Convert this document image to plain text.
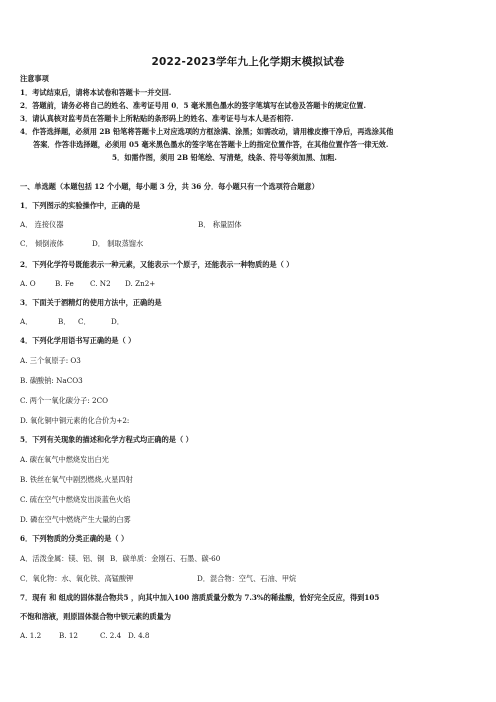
2022-2023学年九上化学期末模拟试卷
注意事项
1．考试结束后，请将本试卷和答题卡一并交回.
2．答题前，请务必将自己的姓名、准考证号用 0．5 毫米黑色墨水的签字笔填写在试卷及答题卡的规定位置.
3．请认真核对监考员在答题卡上所粘贴的条形码上的姓名、准考证号与本人是否相符.
4．作答选择题，必须用 2B 铅笔将答题卡上对应选项的方框涂满、涂黑；如需改动，请用橡皮擦干净后，再选涂其他
答案．作答非选择题，必须用 05 毫米黑色墨水的签字笔在答题卡上的指定位置作答，在其他位置作答一律无效.
5．如需作图，须用 2B 铅笔绘、写清楚，线条、符号等须加黑、加粗.
一、单选题（本题包括 12 个小题，每小题 3 分，共 36 分．每小题只有一个选项符合题意）
1．下列图示的实验操作中，正确的是
A． 连接仪器	B． 称量固体
C． 倾倒液体	D． 制取蒸馏水
2．下列化学符号既能表示一种元素，又能表示一个原子，还能表示一种物质的是（ ）
A. O	B. Fe C. N2 D. Zn2+
3．下面关于酒精灯的使用方法中，正确的是
A．	B． C．	D．
4．下列化学用语书写正确的是（ ）
A. 三个氧原子: O3
B. 碳酸钠: NaCO3
C. 两个一氧化碳分子: 2CO
D. 氧化铜中铜元素的化合价为+2:
5．下列有关现象的描述和化学方程式均正确的是（ ）
A. 碳在氧气中燃烧发出白光
B. 铁丝在氧气中剧烈燃烧,火星四射
C. 硫在空气中燃烧发出淡蓝色火焰
D. 磷在空气中燃烧产生大量的白雾
6．下列物质的分类正确的是（ ）
A．活泼金属：镁、铝、铜 B．碳单质：金刚石、石墨、碳-60
C．氧化物：水、氧化铁、高锰酸钾	D．混合物：空气、石油、甲烷
7．现有 和 组成的固体混合物共5 ，向其中加入100 溶质质量分数为 7.3%的稀盐酸，恰好完全反应，得到105
不饱和溶液，则原固体混合物中钡元素的质量为
A. 1.2 B. 12	C. 2.4 D. 4.8
